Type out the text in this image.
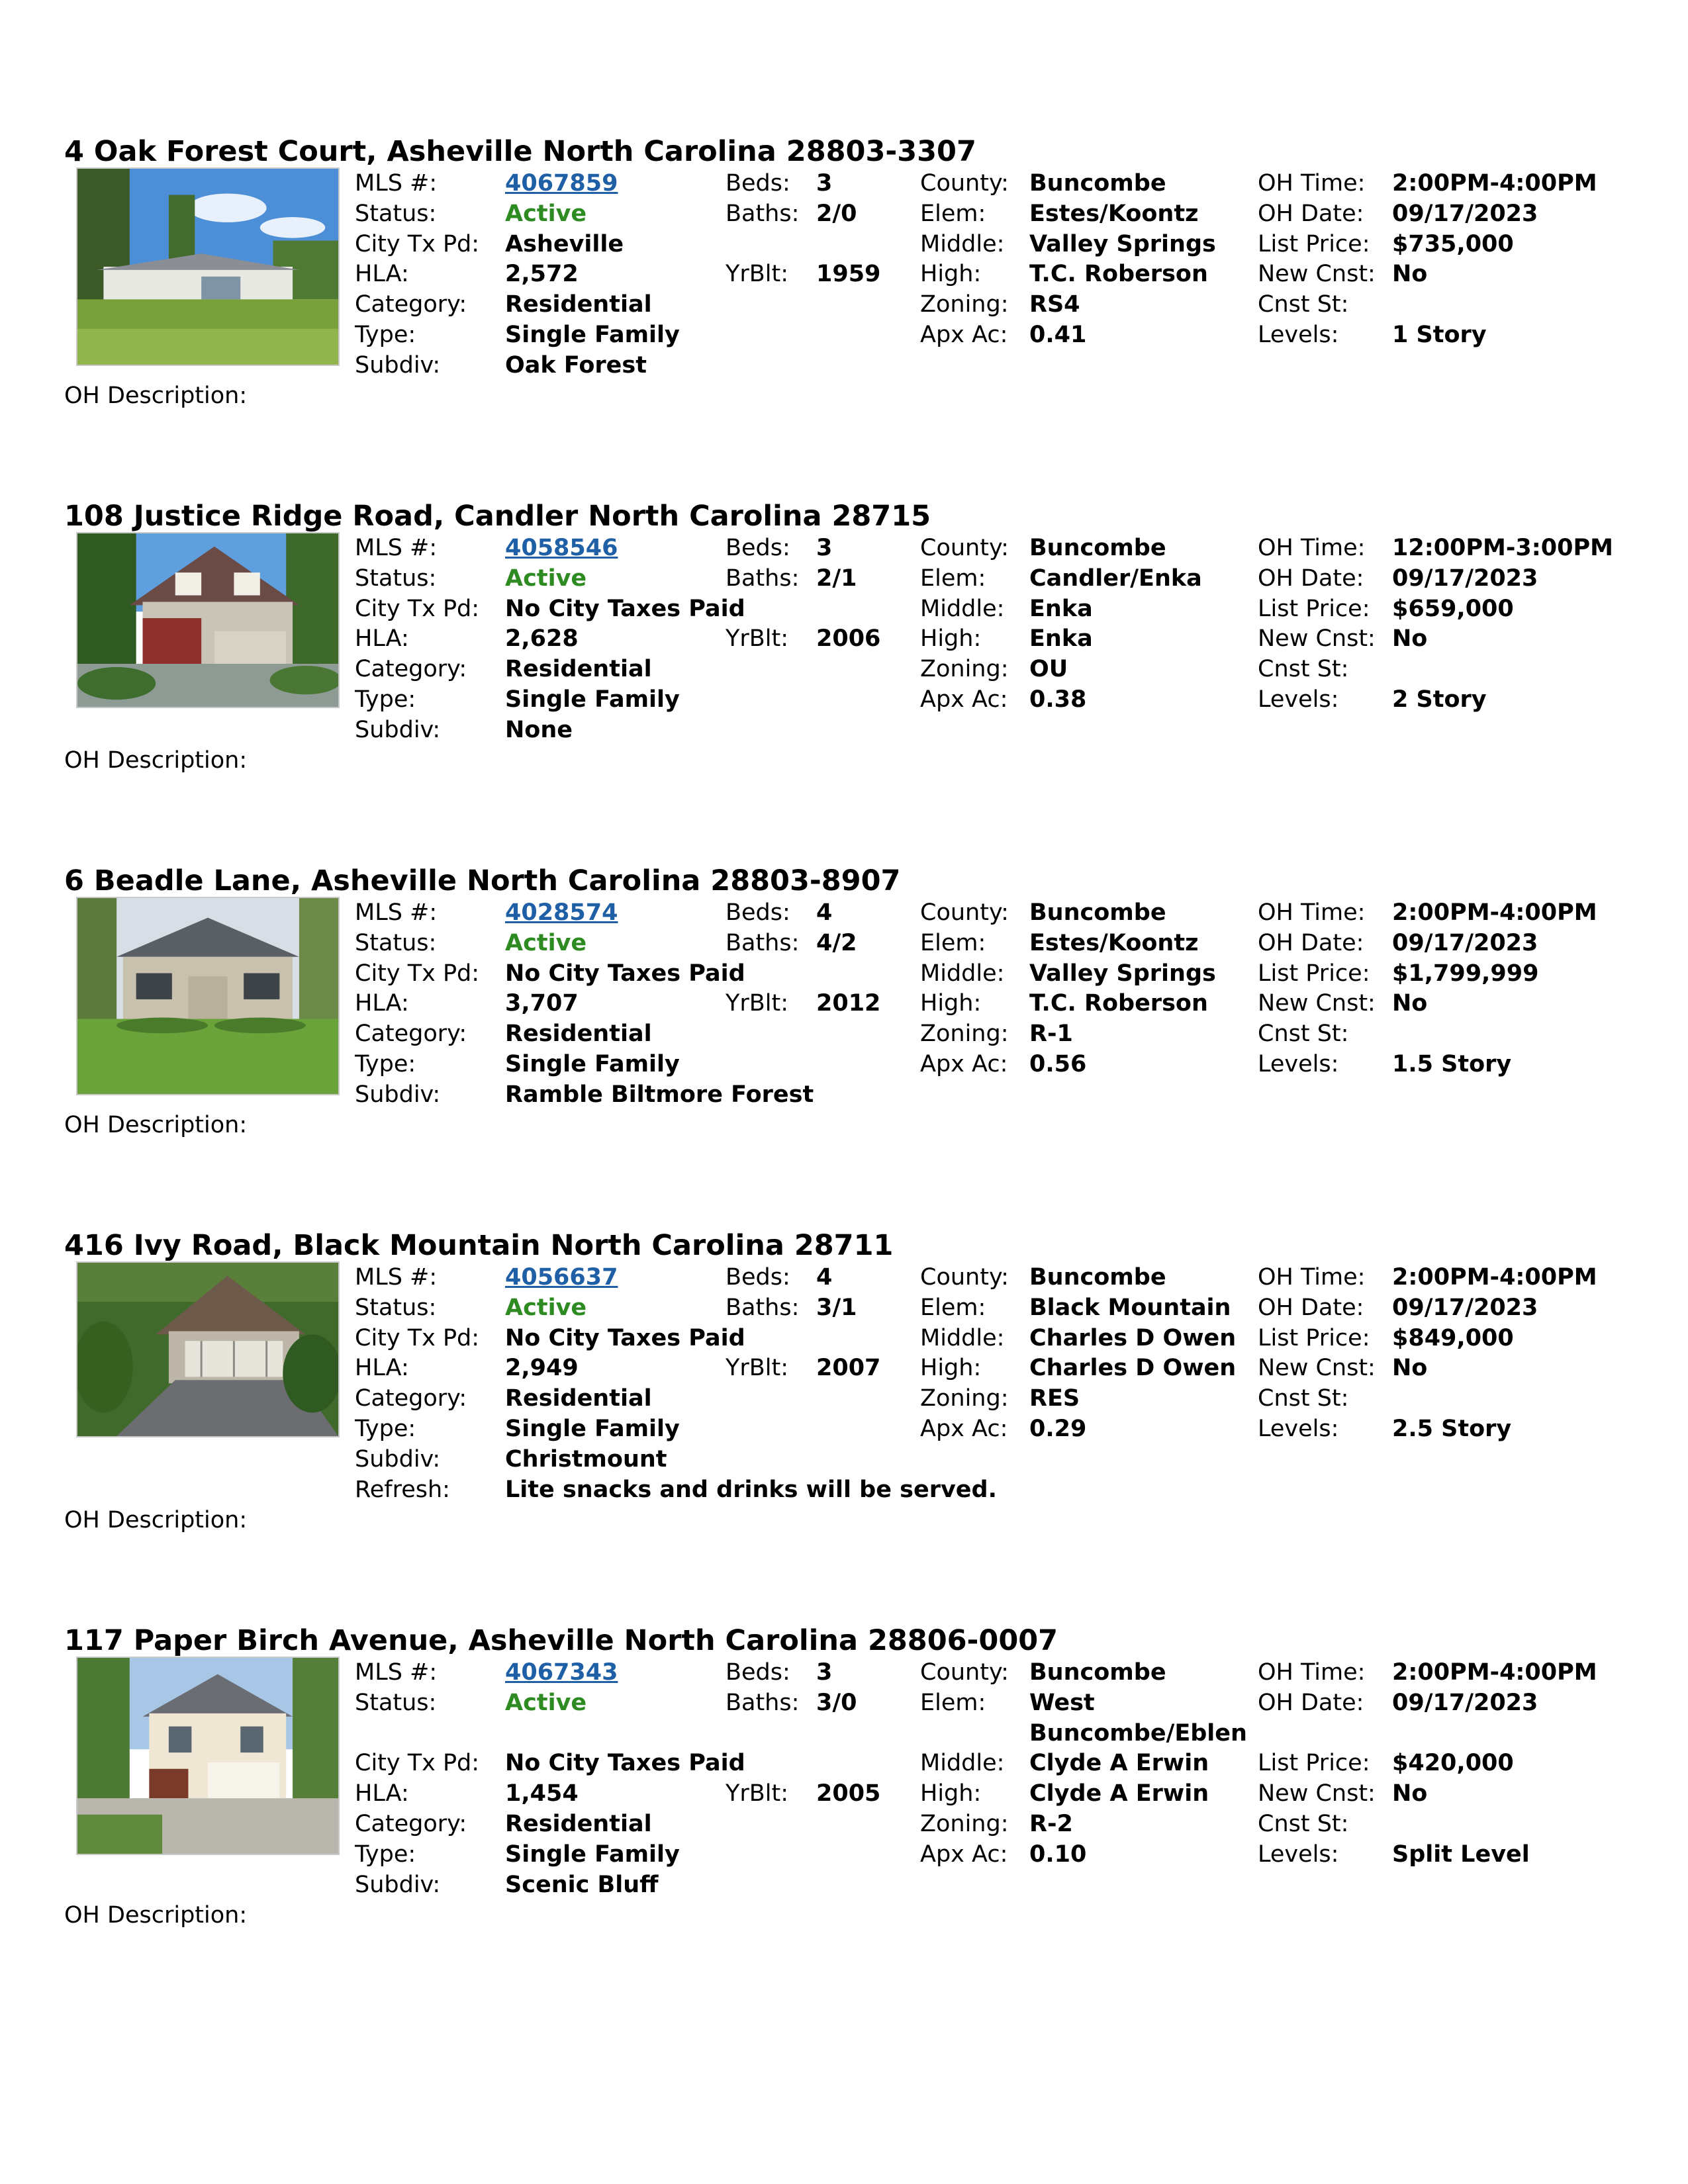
4 Oak Forest Court, Asheville North Carolina 28803-3307
MLS #:	4067859
Status:	Active
City Tx Pd: Asheville
HLA:	2,572
Category: Residential
Type:	Single Family
Subdiv:	Oak Forest
Beds: 3
Baths: 2/0
YrBlt: 1959
County: Buncombe
Elem: Estes/Koontz
Middle: Valley Springs
High: T.C. Roberson
Zoning: RS4
Apx Ac: 0.41
OH Time: 2:00PM-4:00PM
OH Date: 09/17/2023
List Price: $735,000
New Cnst: No
Cnst St:
Levels: 1 Story
OH Description:
108 Justice Ridge Road, Candler North Carolina 28715
MLS #:	4058546
Status:	Active
City Tx Pd: No City Taxes Paid
HLA:	2,628
Category: Residential
Type:	Single Family
Subdiv:	None
Beds: 3
Baths: 2/1
YrBlt: 2006
County: Buncombe
Elem: Candler/Enka
Middle: Enka
High: Enka
Zoning: OU
Apx Ac: 0.38
OH Time: 12:00PM-3:00PM
OH Date: 09/17/2023
List Price: $659,000
New Cnst: No
Cnst St:
Levels: 2 Story
OH Description:
6 Beadle Lane, Asheville North Carolina 28803-8907
MLS #:	4028574
Status:	Active
City Tx Pd: No City Taxes Paid
HLA:	3,707
Category: Residential
Type:	Single Family
Subdiv:	Ramble Biltmore Forest
Beds: 4
Baths: 4/2
YrBlt: 2012
County: Buncombe
Elem: Estes/Koontz
Middle: Valley Springs
High: T.C. Roberson
Zoning: R-1
Apx Ac: 0.56
OH Time: 2:00PM-4:00PM
OH Date: 09/17/2023
List Price: $1,799,999
New Cnst: No
Cnst St:
Levels: 1.5 Story
OH Description:
416 Ivy Road, Black Mountain North Carolina 28711
MLS #:	4056637
Status:	Active
City Tx Pd: No City Taxes Paid
HLA:	2,949
Category: Residential
Type:	Single Family
Subdiv:	Christmount
Refresh: Lite snacks and drinks will be served.
Beds: 4
Baths: 3/1
YrBlt: 2007
County: Buncombe
Elem: Black Mountain
Middle: Charles D Owen
High: Charles D Owen
Zoning: RES
Apx Ac: 0.29
OH Time: 2:00PM-4:00PM
OH Date: 09/17/2023
List Price: $849,000
New Cnst: No
Cnst St:
Levels: 2.5 Story
OH Description:
117 Paper Birch Avenue, Asheville North Carolina 28806-0007
MLS #:	4067343
Status:	Active
City Tx Pd: No City Taxes Paid
HLA:	1,454
Category: Residential
Type:	Single Family
Subdiv:	Scenic Bluff
Beds: 3
Baths: 3/0
YrBlt: 2005
County: Buncombe
Elem: West
Buncombe/Eblen
Middle: Clyde A Erwin
High: Clyde A Erwin
Zoning: R-2
Apx Ac: 0.10
OH Time: 2:00PM-4:00PM
OH Date: 09/17/2023
List Price: $420,000
New Cnst: No
Cnst St:
Levels: Split Level
OH Description:
